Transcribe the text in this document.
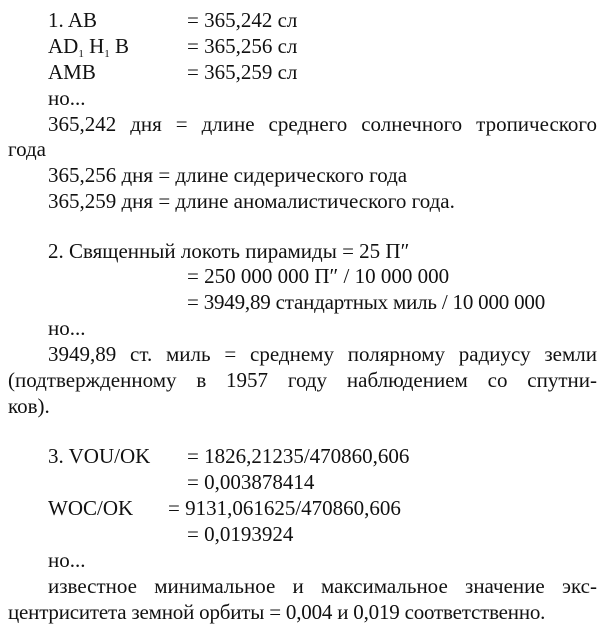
1. AB	= 365,242 сл
$AD_1$ $H_1$ B	= 365,256 сл
AMB	= 365,259 сл
но...
365,242 дня = длине среднего солнечного тропического
года
365,256 дня = длине сидерического года
365,259 дня = длине аномалистического года.
2. Священный локоть пирамиды = 25 П″
= 250 000 000 П″ / 10 000 000
= 3949,89 стандартных миль / 10 000 000
но...
3949,89 ст. миль = среднему полярному радиусу земли
(подтвержденному в 1957 году наблюдением со спутни-
ков).
3. VOU/OK = 1826,21235/470860,606
= 0,003878414
WOC/OK = 9131,061625/470860,606
= 0,0193924
но...
известное минимальное и максимальное значение экс-
центриситета земной орбиты = 0,004 и 0,019 соответственно.
